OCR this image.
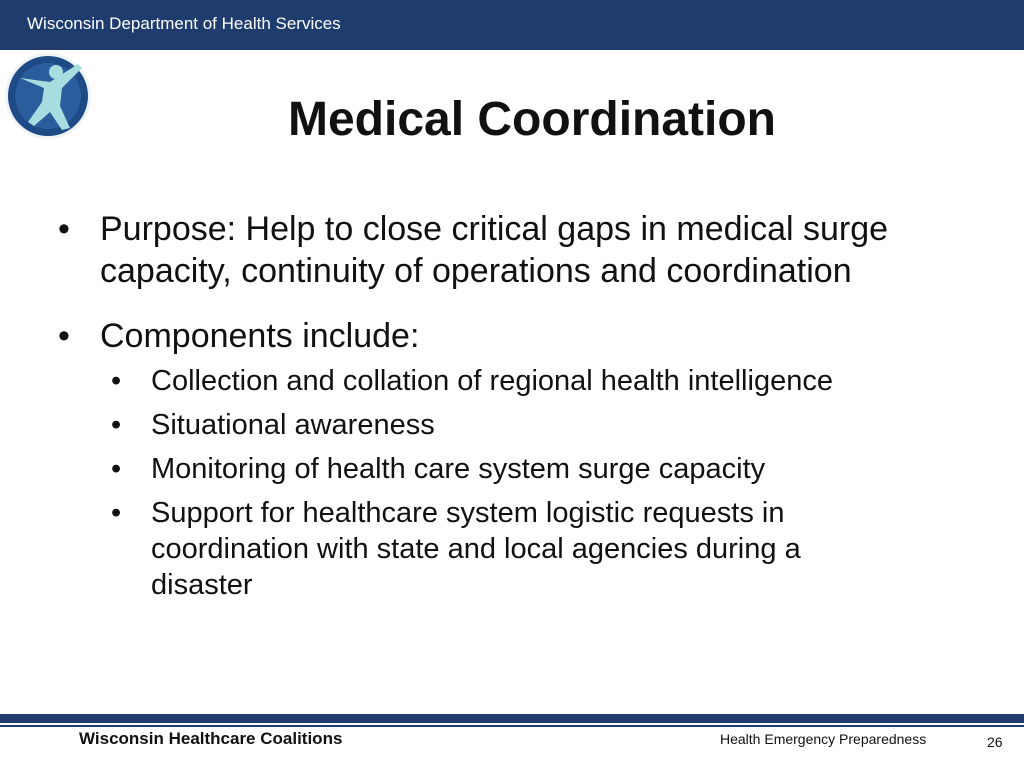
Wisconsin Department of Health Services
Medical Coordination
• Purpose: Help to close critical gaps in medical surge
capacity, continuity of operations and coordination
• Components include:
• Collection and collation of regional health intelligence
• Situational awareness
• Monitoring of health care system surge capacity
• Support for healthcare system logistic requests in
coordination with state and local agencies during a
disaster
Wisconsin Healthcare Coalitions	Health Emergency Preparedness	26
